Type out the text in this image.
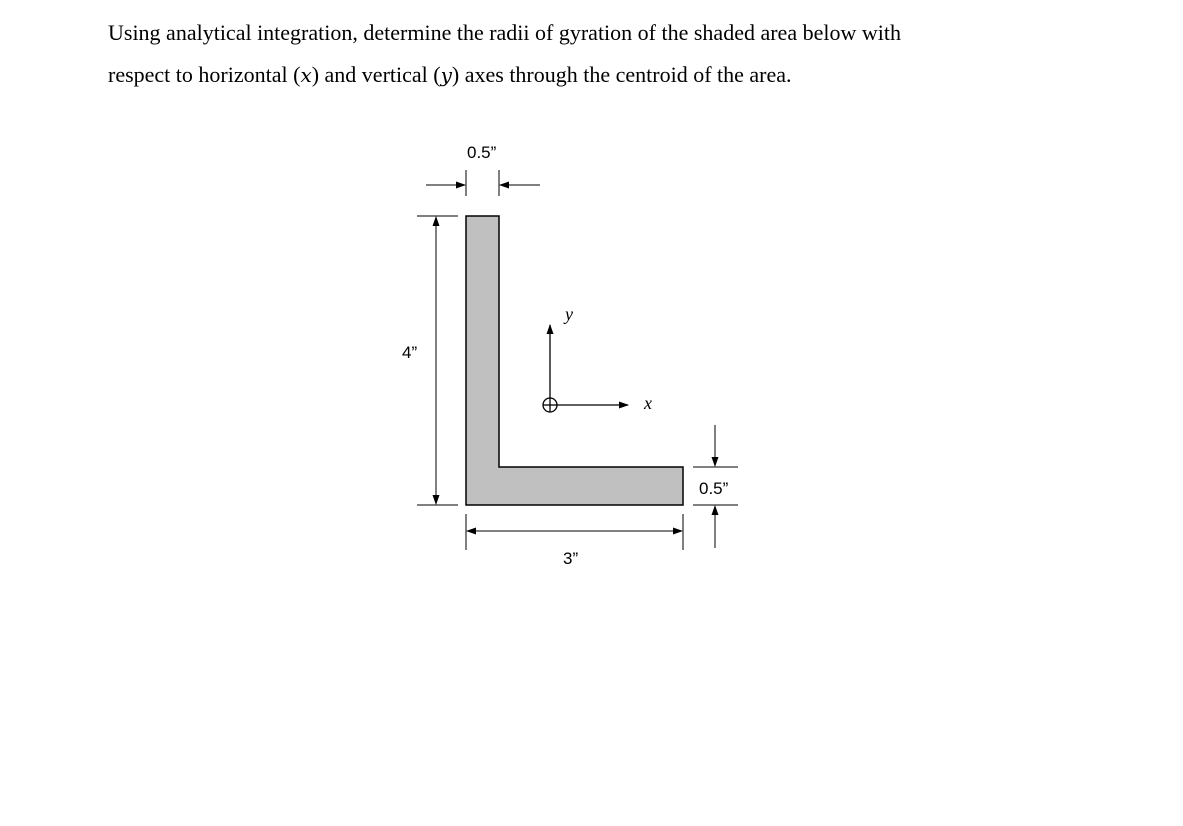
Using analytical integration, determine the radii of gyration of the shaded area below with
respect to horizontal (x) and vertical (y) axes through the centroid of the area.
0.5”
4”
3”
0.5”
x
y
